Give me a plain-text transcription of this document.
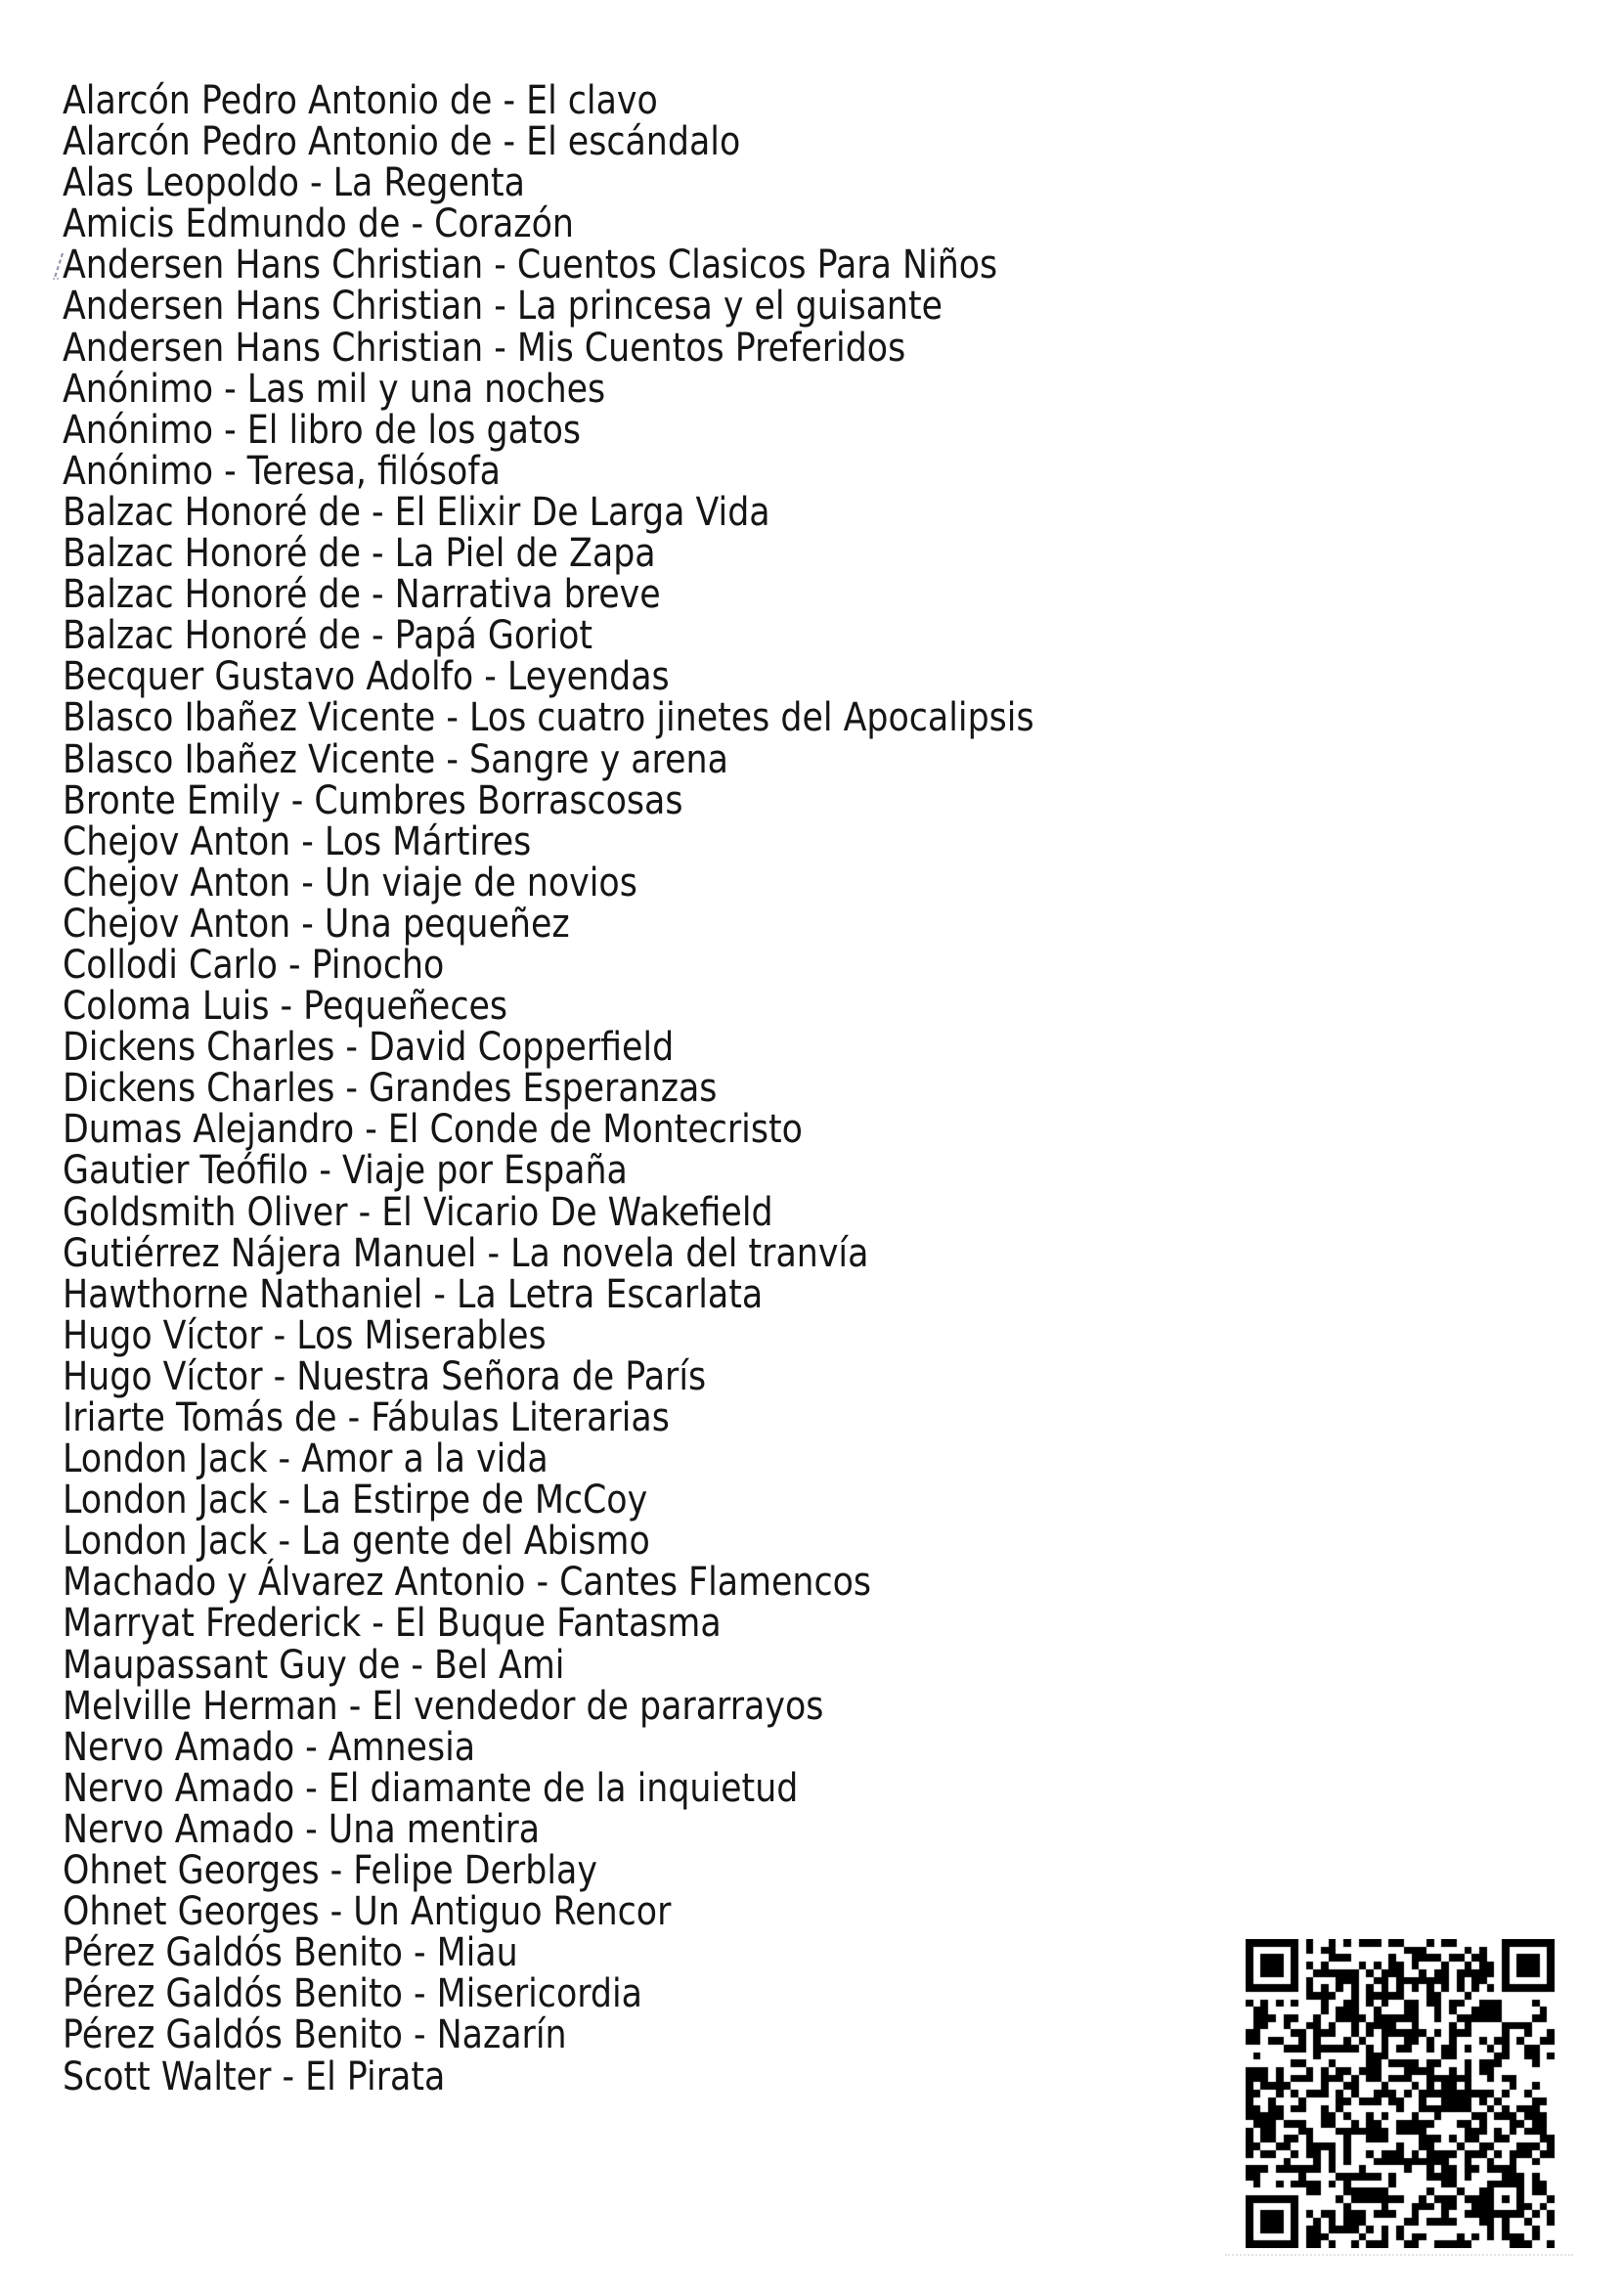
Alarcón Pedro Antonio de - El clavo
Alarcón Pedro Antonio de - El escándalo
Alas Leopoldo - La Regenta
Amicis Edmundo de - Corazón
Andersen Hans Christian - Cuentos Clasicos Para Niños
Andersen Hans Christian - La princesa y el guisante
Andersen Hans Christian - Mis Cuentos Preferidos
Anónimo - Las mil y una noches
Anónimo - El libro de los gatos
Anónimo - Teresa, filósofa
Balzac Honoré de - El Elixir De Larga Vida
Balzac Honoré de - La Piel de Zapa
Balzac Honoré de - Narrativa breve
Balzac Honoré de - Papá Goriot
Becquer Gustavo Adolfo - Leyendas
Blasco Ibañez Vicente - Los cuatro jinetes del Apocalipsis
Blasco Ibañez Vicente - Sangre y arena
Bronte Emily - Cumbres Borrascosas
Chejov Anton - Los Mártires
Chejov Anton - Un viaje de novios
Chejov Anton - Una pequeñez
Collodi Carlo - Pinocho
Coloma Luis - Pequeñeces
Dickens Charles - David Copperfield
Dickens Charles - Grandes Esperanzas
Dumas Alejandro - El Conde de Montecristo
Gautier Teófilo - Viaje por España
Goldsmith Oliver - El Vicario De Wakefield
Gutiérrez Nájera Manuel - La novela del tranvía
Hawthorne Nathaniel - La Letra Escarlata
Hugo Víctor - Los Miserables
Hugo Víctor - Nuestra Señora de París
Iriarte Tomás de - Fábulas Literarias
London Jack - Amor a la vida
London Jack - La Estirpe de McCoy
London Jack - La gente del Abismo
Machado y Álvarez Antonio - Cantes Flamencos
Marryat Frederick - El Buque Fantasma
Maupassant Guy de - Bel Ami
Melville Herman - El vendedor de pararrayos
Nervo Amado - Amnesia
Nervo Amado - El diamante de la inquietud
Nervo Amado - Una mentira
Ohnet Georges - Felipe Derblay
Ohnet Georges - Un Antiguo Rencor
Pérez Galdós Benito - Miau
Pérez Galdós Benito - Misericordia
Pérez Galdós Benito - Nazarín
Scott Walter - El Pirata
